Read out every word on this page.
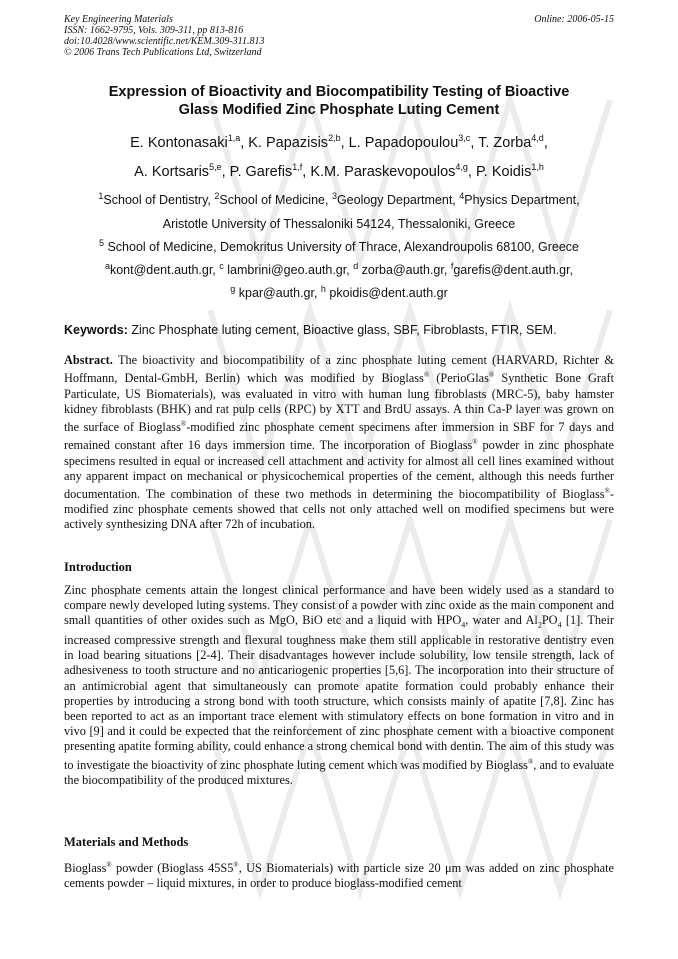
Key Engineering Materials
ISSN: 1662-9795, Vols. 309-311, pp 813-816
doi:10.4028/www.scientific.net/KEM.309-311.813
© 2006 Trans Tech Publications Ltd, Switzerland
Online: 2006-05-15
Expression of Bioactivity and Biocompatibility Testing of Bioactive
Glass Modified Zinc Phosphate Luting Cement
E. Kontonasaki$^{1,a}$, K. Papazisis$^{2,b}$, L. Papadopoulou$^{3,c}$, T. Zorba$^{4,d}$,
A. Kortsaris$^{5,e}$, P. Garefis$^{1,f}$, K.M. Paraskevopoulos$^{4,g}$, P. Koidis$^{1,h}$
$^1$School of Dentistry, $^2$School of Medicine, $^3$Geology Department, $^4$Physics Department,
Aristotle University of Thessaloniki 54124, Thessaloniki, Greece
$^5$ School of Medicine, Demokritus University of Thrace, Alexandroupolis 68100, Greece
$^a$kont@dent.auth.gr, $^c$ lambrini@geo.auth.gr, $^d$ zorba@auth.gr, $^f$garefis@dent.auth.gr,
$^g$ kpar@auth.gr, $^h$ pkoidis@dent.auth.gr
Keywords: Zinc Phosphate luting cement, Bioactive glass, SBF, Fibroblasts, FTIR, SEM.
Abstract. The bioactivity and biocompatibility of a zinc phosphate luting cement (HARVARD, Richter & Hoffmann, Dental-GmbH, Berlin) which was modified by Bioglass® (PerioGlas® Synthetic Bone Graft Particulate, US Biomaterials), was evaluated in vitro with human lung fibroblasts (MRC-5), baby hamster kidney fibroblasts (BHK) and rat pulp cells (RPC) by XTT and BrdU assays. A thin Ca-P layer was grown on the surface of Bioglass®-modified zinc phosphate cement specimens after immersion in SBF for 7 days and remained constant after 16 days immersion time. The incorporation of Bioglass® powder in zinc phosphate specimens resulted in equal or increased cell attachment and activity for almost all cell lines examined without any apparent impact on mechanical or physicochemical properties of the cement, although this needs further documentation. The combination of these two methods in determining the biocompatibility of Bioglass®-modified zinc phosphate cements showed that cells not only attached well on modified specimens but were actively synthesizing DNA after 72h of incubation.
Introduction
Zinc phosphate cements attain the longest clinical performance and have been widely used as a standard to compare newly developed luting systems. They consist of a powder with zinc oxide as the main component and small quantities of other oxides such as MgO, BiO etc and a liquid with $HPO_4$, water and $Al_2PO_4$ [1]. Their increased compressive strength and flexural toughness make them still applicable in restorative dentistry even in load bearing situations [2-4]. Their disadvantages however include solubility, low tensile strength, lack of adhesiveness to tooth structure and no anticariogenic properties [5,6]. The incorporation into their structure of an antimicrobial agent that simultaneously can promote apatite formation could probably enhance their properties by introducing a strong bond with tooth structure, which consists mainly of apatite [7,8]. Zinc has been reported to act as an important trace element with stimulatory effects on bone formation in vitro and in vivo [9] and it could be expected that the reinforcement of zinc phosphate cement with a bioactive component presenting apatite forming ability, could enhance a strong chemical bond with dentin. The aim of this study was to investigate the bioactivity of zinc phosphate luting cement which was modified by Bioglass®, and to evaluate the biocompatibility of the produced mixtures.
Materials and Methods
Bioglass® powder (Bioglass 45S5®, US Biomaterials) with particle size 20 μm was added on zinc phosphate cements powder – liquid mixtures, in order to produce bioglass-modified cement
